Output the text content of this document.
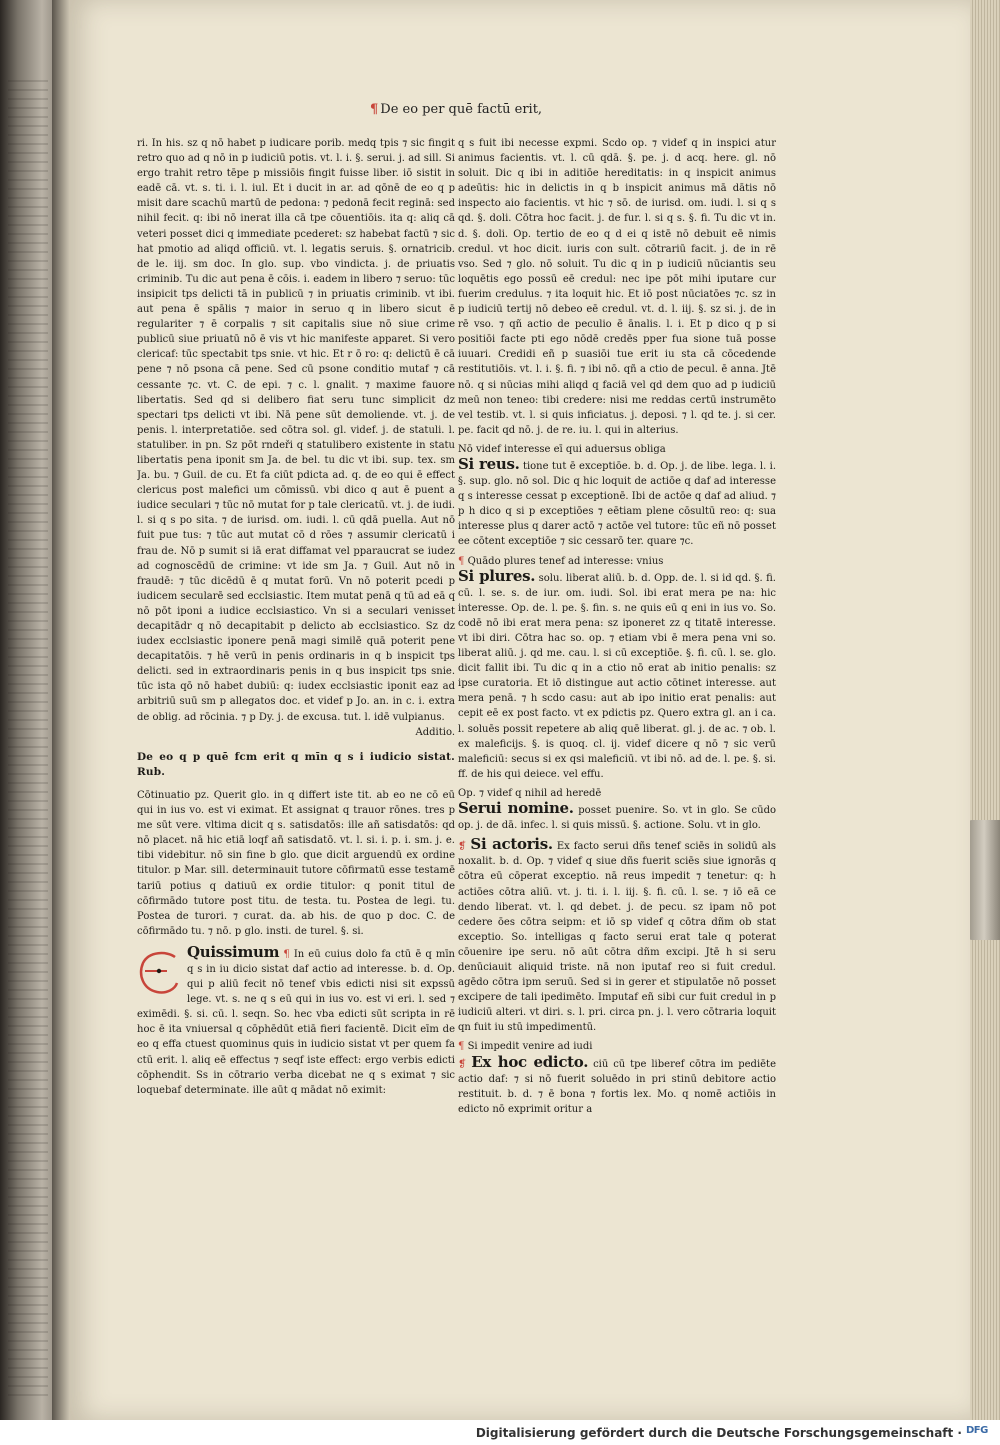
¶ De eo per quē factū erit,

ri. In his. sz q nō habet p iudicare porib. medq tpis ⁊ sic fingit retro quo ad q nō in p iudiciū potis. vt. l. i. §. serui. j. ad sill. Si ergo trahit retro tēpe p missiōis fingit fuisse liber. iō sistit in eadē cā. vt. s. ti. i. l. iul. Et i ducit in ar. ad qōnē de eo q p misit dare scachū martū de pedona: ⁊ pedonā fecit reginā: sed nihil fecit. q: ibi nō inerat illa cā tpe cōuentiōis. ita q: aliq cā veteri posset dici q immediate pcederet: sz habebat factū ⁊ sic hat pmotio ad aliqd officiū. vt. l. legatis seruis. §. ornatricib. de le. iij. sm doc. In glo. sup. vbo vindicta. j. de priuatis criminib. Tu dic aut pena ē cōis. i. eadem in libero ⁊ seruo: tūc insipicit tps delicti tā in publicū ⁊ in priuatis criminib. vt ibi. aut pena ē spālis ⁊ maior in seruo q in libero sicut ē regulariter ⁊ ē corpalis ⁊ sit capitalis siue nō siue crime publicū siue priuatū nō ē vis vt hic manifeste apparet. Si vero clericaf: tūc spectabit tps snie. vt hic. Et r ō ro: q: delictū ē cā pene ⁊ nō psona cā pene. Sed cū psone conditio mutaf ⁊ cā cessante ⁊c. vt. C. de epi. ⁊ c. l. gnalit. ⁊ maxime fauore libertatis. Sed qd si delibero fiat seru tunc simplicit dz spectari tps delicti vt ibi. Nā pene sūt demoliende. vt. j. de penis. l. interpretatiōe. sed cōtra sol. gl. videf. j. de statuli. l. statuliber. in pn. Sz pōt rndeři q statulibero existente in statu libertatis pena iponit sm Ja. de bel. tu dic vt ibi. sup. tex. sm Ja. bu. ⁊ Guil. de cu. Et fa ciūt pdicta ad. q. de eo qui ē effect clericus post malefici um cōmissū. vbi dico q aut ē puent a iudice seculari ⁊ tūc nō mutat for p tale clericatū. vt. j. de iudi. l. si q s po sita. ⁊ de iurisd. om. iudi. l. cū qdā puella. Aut nō fuit pue tus: ⁊ tūc aut mutat cō d rōes ⁊ assumir clericatū i frau de. Nō p sumit si iā erat diffamat vel pparaucrat se iudez ad cognoscēdū de crimine: vt ide sm Ja. ⁊ Guil. Aut nō in fraudē: ⁊ tūc dicēdū ē q mutat forū. Vn nō poterit pcedi p iudicem secularē sed ecclsiastic. Item mutat penā q tū ad eā q nō pōt iponi a iudice ecclsiastico. Vn si a seculari venisset decapitādr q nō decapitabit p delicto ab ecclsiastico. Sz dz iudex ecclsiastic iponere penā magi similē quā poterit pene decapitatōis. ⁊ hē verū in penis ordinaris in q b inspicit tps delicti. sed in extraordinaris penis in q bus inspicit tps snie. tūc ista qō nō habet dubiū: q: iudex ecclsiastic iponit eaz ad arbitriū suū sm p allegatos doc. et videf p Jo. an. in c. i. extra de oblig. ad rōcinia. ⁊ p Dy. j. de excusa. tut. l. idē vulpianus.

Additio.

De eo q p quē fcm erit q mīn q s i iudicio sistat. Rub.

Cōtinuatio pz. Querit glo. in q differt iste tit. ab eo ne cō eū qui in ius vo. est vi eximat. Et assignat q trauor rōnes. tres p me sūt vere. vltima dicit q s. satisdatōs: ille añ satisdatōs: qd nō placet. nā hic etiā loqf añ satisdatō. vt. l. si. i. p. i. sm. j. e. tibi videbitur. nō sin fine b glo. que dicit arguendū ex ordine titulor. p Mar. sill. determinauit tutore cōfirmatū esse testamē tariū potius q datiuū ex ordie titulor: q ponit titul de cōfirmādo tutore post titu. de testa. tu. Postea de legi. tu. Postea de turori. ⁊ curat. da. ab his. de quo p doc. C. de cōfirmādo tu. ⁊ nō. p glo. insti. de turel. §. si.

Quissimum ¶ In eū cuius dolo fa ctū ē q mīn q s in iu dicio sistat daf actio ad interesse. b. d. Op. qui p aliū fecit nō tenef vbis edicti nisi sit expssū lege. vt. s. ne q s eū qui in ius vo. est vi eri. l. sed ⁊ eximēdi. §. si. cū. l. seqn. So. hec vba edicti sūt scripta in rē hoc ē ita vniuersal q cōphēdūt etiā fieri facientē. Dicit eīm de eo q effa ctuest quominus quis in iudicio sistat vt per quem fa ctū erit. l. aliq eē effectus ⁊ seqf iste effect: ergo verbis edicti cōphendit. Ss in cōtrario verba dicebat ne q s eximat ⁊ sic loquebaf determinate. ille aūt q mādat nō eximit:

q s fuit ibi necesse expmi. Scdo op. ⁊ videf q in inspici atur animus facientis. vt. l. cū qdā. §. pe. j. d acq. here. gl. nō soluit. Dic q ibi in aditiōe hereditatis: in q inspicit animus adeūtis: hic in delictis in q b inspicit animus mā dātis nō inspecto aio facientis. vt hic ⁊ sō. de iurisd. om. iudi. l. si q s qd. §. doli. Cōtra hoc facit. j. de fur. l. si q s. §. fi. Tu dic vt in. d. §. doli. Op. tertio de eo q d ei q istē nō debuit eē nimis credul. vt hoc dicit. iuris con sult. cōtrariū facit. j. de in rē vso. Sed ⁊ glo. nō soluit. Tu dic q in p iudiciū nūciantis seu loquētis ego possū eē credul: nec ipe pōt mihi iputare cur fuerim credulus. ⁊ ita loquit hic. Et iō post nūciatōes ⁊c. sz in p iudiciū tertij nō debeo eē credul. vt. d. l. iij. §. sz si. j. de in rē vso. ⁊ qñ actio de peculio ē ānalis. l. i. Et p dico q p si positiōi facte pti ego nōdē credēs pper fua sione tuā posse iuuari. Credidi eñ p suasiōi tue erit iu sta cā cōcedende restitutiōis. vt. l. i. §. fi. ⁊ ibi nō. qñ a ctio de pecul. ē anna. Jtē nō. q si nūcias mihi aliqd q faciā vel qd dem quo ad p iudiciū meū non teneo: tibi credere: nisi me reddas certū instrumēto vel testib. vt. l. si quis inficiatus. j. deposi. ⁊ l. qd te. j. si cer. pe. facit qd nō. j. de re. iu. l. qui in alterius.

Nō videf interesse eī qui aduersus obliga
Si reus. tione tut ē exceptiōe. b. d. Op. j. de libe. lega. l. i. §. sup. glo. nō sol. Dic q hic loquit de actiōe q daf ad interesse q s interesse cessat p exceptionē. Ibi de actōe q daf ad aliud. ⁊ p h dico q si p exceptiōes ⁊ eētiam plene cōsultū reo: q: sua interesse plus q darer actō ⁊ actōe vel tutore: tūc eñ nō posset ee cōtent exceptiōe ⁊ sic cessarō ter. quare ⁊c.

¶ Quādo plures tenef ad interesse: vnius
Si plures. solu. liberat aliū. b. d. Opp. de. l. si id qd. §. fi. cū. l. se. s. de iur. om. iudi. Sol. ibi erat mera pe na: hic interesse. Op. de. l. pe. §. fin. s. ne quis eū q eni in ius vo. So. codē nō ibi erat mera pena: sz iponeret zz q titatē interesse. vt ibi diri. Cōtra hac so. op. ⁊ etiam vbi ē mera pena vni so. liberat aliū. j. qd me. cau. l. si cū exceptiōe. §. fi. cū. l. se. glo. dicit fallit ibi. Tu dic q in a ctio nō erat ab initio penalis: sz ipse curatoria. Et iō distingue aut actio cōtinet interesse. aut mera penā. ⁊ h scdo casu: aut ab ipo initio erat penalis: aut cepit eē ex post facto. vt ex pdictis pz. Quero extra gl. an i ca. l. soluēs possit repetere ab aliq quē liberat. gl. j. de ac. ⁊ ob. l. ex maleficijs. §. is quoq. cl. ij. videf dicere q nō ⁊ sic verū maleficiū: secus si ex qsi maleficiū. vt ibi nō. ad de. l. pe. §. si. ff. de his qui deiece. vel effu.

Op. ⁊ videf q nihil ad heredē
Serui nomine. posset puenire. So. vt in glo. Se cūdo op. j. de dā. infec. l. si quis missū. §. actione. Solu. vt in glo.

❡ Si actoris. Ex facto serui dñs tenef sciēs in solidū als noxalit. b. d. Op. ⁊ videf q siue dñs fuerit sciēs siue ignorās q cōtra eū cōperat exceptio. nā reus impedit ⁊ tenetur: q: h actiōes cōtra aliū. vt. j. ti. i. l. iij. §. fi. cū. l. se. ⁊ iō eā ce dendo liberat. vt. l. qd debet. j. de pecu. sz ipam nō pot cedere ōes cōtra seipm: et iō sp videf q cōtra dñm ob stat exceptio. So. intelligas q facto serui erat tale q poterat cōuenire ipe seru. nō aūt cōtra dñm excipi. Jtē h si seru denūciauit aliquid triste. nā non iputaf reo si fuit credul. agēdo cōtra ipm seruū. Sed si in gerer et stipulatōe nō posset excipere de tali ipedimēto. Imputaf eñ sibi cur fuit credul in p iudiciū alteri. vt diri. s. l. pri. circa pn. j. l. vero cōtraria loquit qn fuit iu stū impedimentū.

¶ Si impedit venire ad iudi
❡ Ex hoc edicto. ciū cū tpe liberef cōtra im pediēte actio daf: ⁊ si nō fuerit soluēdo in pri stinū debitore actio restituit. b. d. ⁊ ē bona ⁊ fortis lex. Mo. q nomē actiōis in edicto nō exprimit oritur a

Digitalisierung gefördert durch die Deutsche Forschungsgemeinschaft · DFG
